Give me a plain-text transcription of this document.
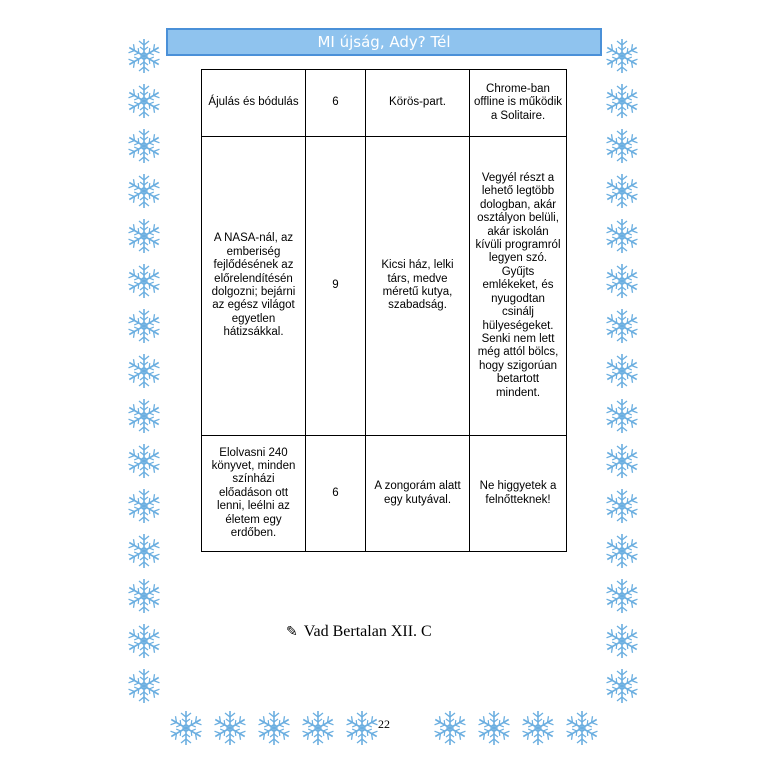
MI újság, Ady? Tél
Ájulás és bódulás	6	Körös-part.	Chrome-ban offline is működik a Solitaire.
A NASA-nál, az emberiség fejlődésének az előrelendítésén dolgozni; bejárni az egész világot egyetlen hátizsákkal.	9	Kicsi ház, lelki társ, medve méretű kutya, szabadság.	Vegyél részt a lehető legtöbb dologban, akár osztályon belüli, akár iskolán kívüli programról legyen szó. Gyűjts emlékeket, és nyugodtan csinálj hülyeségeket. Senki nem lett még attól bölcs, hogy szigorúan betartott mindent.
Elolvasni 240 könyvet, minden színházi előadáson ott lenni, leélni az életem egy erdőben.	6	A zongorám alatt egy kutyával.	Ne higgyetek a felnőtteknek!
✎ Vad Bertalan XII. C
22
